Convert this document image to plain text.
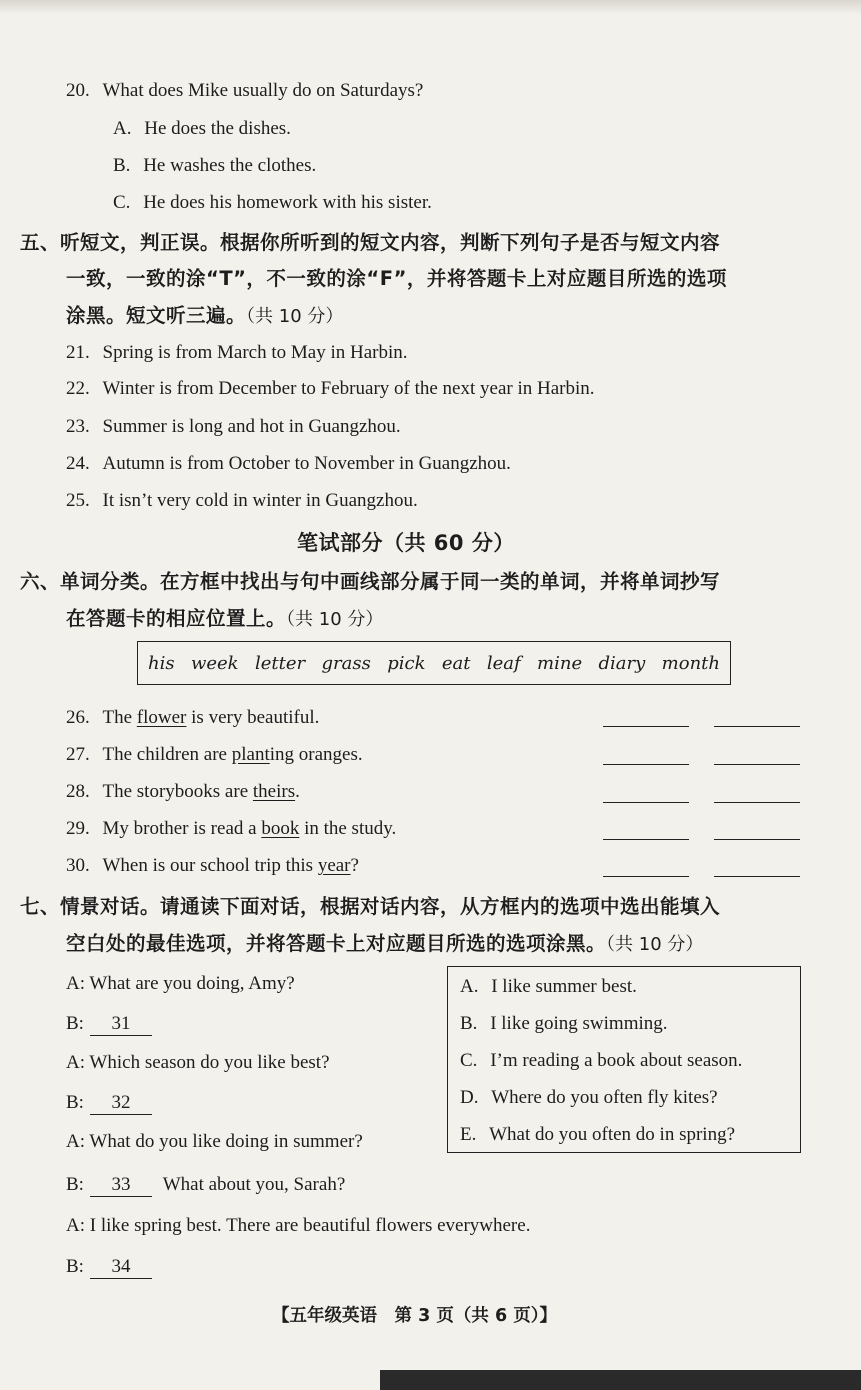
20. What does Mike usually do on Saturdays?
A. He does the dishes.
B. He washes the clothes.
C. He does his homework with his sister.
五、听短文，判正误。根据你所听到的短文内容，判断下列句子是否与短文内容
一致，一致的涂“T”，不一致的涂“F”，并将答题卡上对应题目所选的选项
涂黑。短文听三遍。（共 10 分）
21. Spring is from March to May in Harbin.
22. Winter is from December to February of the next year in Harbin.
23. Summer is long and hot in Guangzhou.
24. Autumn is from October to November in Guangzhou.
25. It isn’t very cold in winter in Guangzhou.
笔试部分（共 60 分）
六、单词分类。在方框中找出与句中画线部分属于同一类的单词，并将单词抄写
在答题卡的相应位置上。（共 10 分）
his week letter grass pick eat leaf mine diary month
26. The flower is very beautiful.
27. The children are planting oranges.
28. The storybooks are theirs.
29. My brother is read a book in the study.
30. When is our school trip this year?
七、情景对话。请通读下面对话，根据对话内容，从方框内的选项中选出能填入
空白处的最佳选项，并将答题卡上对应题目所选的选项涂黑。（共 10 分）
A: What are you doing, Amy?
B: 31
A: Which season do you like best?
B: 32
A: What do you like doing in summer?
B: 33 What about you, Sarah?
A: I like spring best. There are beautiful flowers everywhere.
B: 34
A. I like summer best.
B. I like going swimming.
C. I’m reading a book about season.
D. Where do you often fly kites?
E. What do you often do in spring?
【五年级英语　第 3 页（共 6 页）】
